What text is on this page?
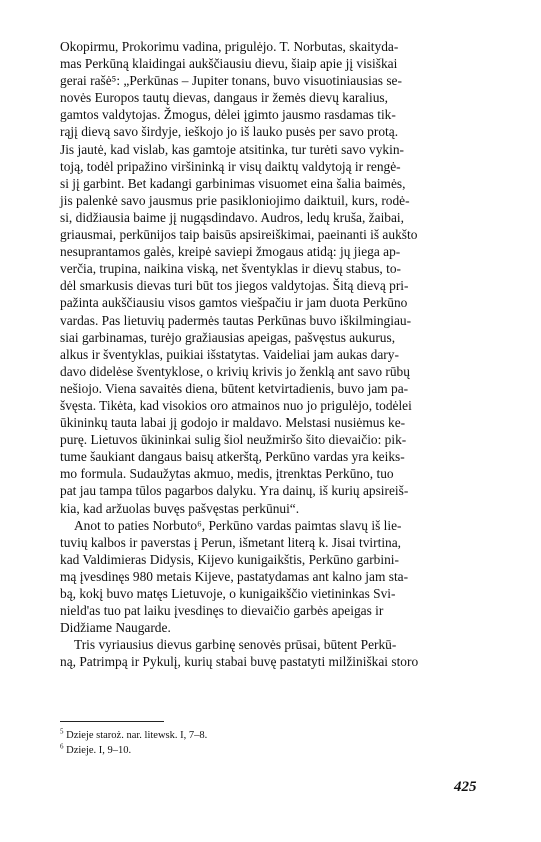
Okopirmu, Prokorimu vadina, prigulėjo. T. Norbutas, skaityda-
mas Perkūną klaidingai aukščiausiu dievu, šiaip apie jį visiškai
gerai rašė⁵: „Perkūnas – Jupiter tonans, buvo visuotiniausias se-
novės Europos tautų dievas, dangaus ir žemės dievų karalius,
gamtos valdytojas. Žmogus, dėlei įgimto jausmo rasdamas tik-
rąjį dievą savo širdyje, ieškojo jo iš lauko pusės per savo protą.
Jis jautė, kad vislab, kas gamtoje atsitinka, tur turėti savo vykin-
toją, todėl pripažino viršininką ir visų daiktų valdytoją ir rengė-
si jį garbint. Bet kadangi garbinimas visuomet eina šalia baimės,
jis palenkė savo jausmus prie pasikloniojimo daiktuil, kurs, rodė-
si, didžiausia baime jį nugąsdindavo. Audros, ledų kruša, žaibai,
griausmai, perkūnijos taip baisūs apsireiškimai, paeinanti iš aukšto
nesuprantamos galės, kreipė saviepi žmogaus atidą: jų jiega ap-
verčia, trupina, naikina viską, net šventyklas ir dievų stabus, to-
dėl smarkusis dievas turi būt tos jiegos valdytojas. Šitą dievą pri-
pažinta aukščiausiu visos gamtos viešpačiu ir jam duota Perkūno
vardas. Pas lietuvių padermės tautas Perkūnas buvo iškilmingiau-
siai garbinamas, turėjo gražiausias apeigas, pašvęstus aukurus,
alkus ir šventyklas, puikiai išstatytas. Vaideliai jam aukas dary-
davo didelėse šventyklose, o krivių krivis jo ženklą ant savo rūbų
nešiojo. Viena savaitės diena, būtent ketvirtadienis, buvo jam pa-
švęsta. Tikėta, kad visokios oro atmainos nuo jo prigulėjo, todėlei
ūkininkų tauta labai jį godojo ir maldavo. Melstasi nusiėmus ke-
purę. Lietuvos ūkininkai sulig šiol neužmiršo šito dievaičio: pik-
tume šaukiant dangaus baisų atkerštą, Perkūno vardas yra keiks-
mo formula. Sudaužytas akmuo, medis, įtrenktas Perkūno, tuo
pat jau tampa tūlos pagarbos dalyku. Yra dainų, iš kurių apsireiš-
kia, kad aržuolas buvęs pašvęstas perkūnui“.
Anot to paties Norbuto⁶, Perkūno vardas paimtas slavų iš lie-
tuvių kalbos ir paverstas į Perun, išmetant literą k. Jisai tvirtina,
kad Valdimieras Didysis, Kijevo kunigaikštis, Perkūno garbini-
mą įvesdinęs 980 metais Kijeve, pastatydamas ant kalno jam sta-
bą, kokį buvo matęs Lietuvoje, o kunigaikščio vietininkas Svi-
nield'as tuo pat laiku įvesdinęs to dievaičio garbės apeigas ir
Didžiame Naugarde.
Tris vyriausius dievus garbinę senovės prūsai, būtent Perkū-
ną, Patrimpą ir Pykulį, kurių stabai buvę pastatyti milžiniškai storo
$^5$ Dzieje staroż. nar. litewsk. I, 7–8.
$^6$ Dzieje. I, 9–10.
425
